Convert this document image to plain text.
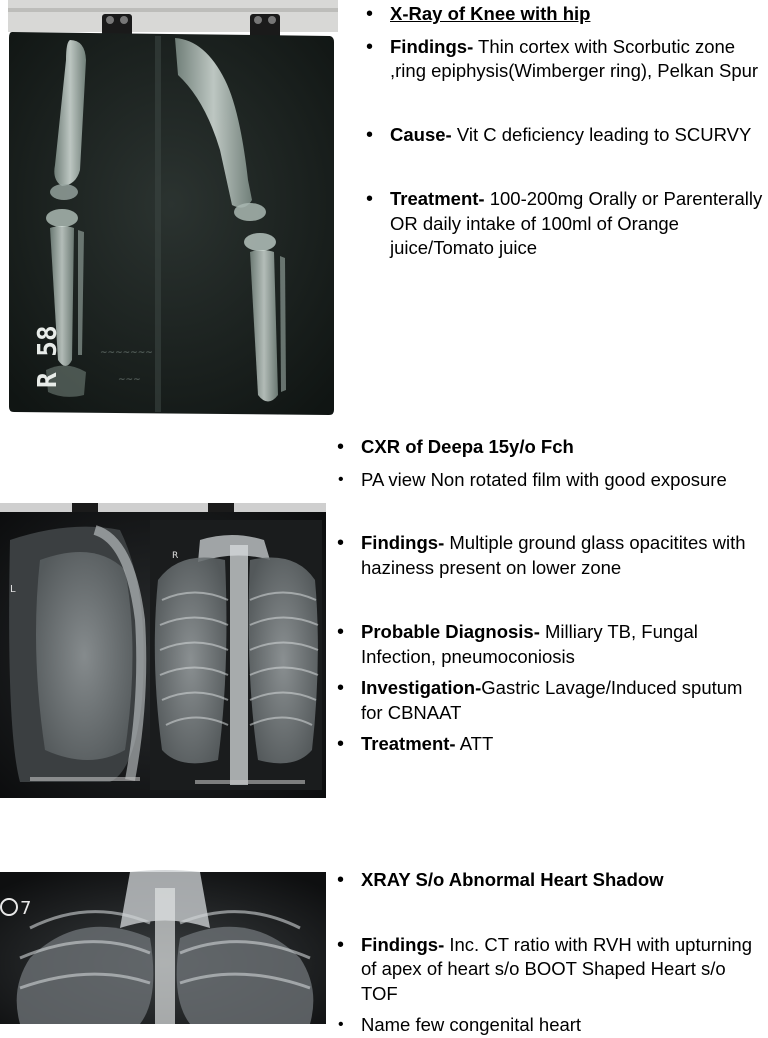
R 58	~~~~~~~
~~~
• X-Ray of Knee with hip
• Findings- Thin cortex with Scorbutic zone ,ring epiphysis(Wimberger ring), Pelkan Spur
• Cause- Vit C deficiency leading to SCURVY
• Treatment- 100-200mg Orally or Parenterally OR daily intake of 100ml of Orange juice/Tomato juice
L
R
• CXR of Deepa 15y/o Fch
• PA view Non rotated film with good exposure
• Findings- Multiple ground glass opacitites with haziness present on lower zone
• Probable Diagnosis- Milliary TB, Fungal Infection, pneumoconiosis
• Investigation-Gastric Lavage/Induced sputum for CBNAAT
• Treatment- ATT
7
• XRAY S/o Abnormal Heart Shadow
• Findings- Inc. CT ratio with RVH with upturning of apex of heart s/o BOOT Shaped Heart s/o TOF
• Name few congenital heart
